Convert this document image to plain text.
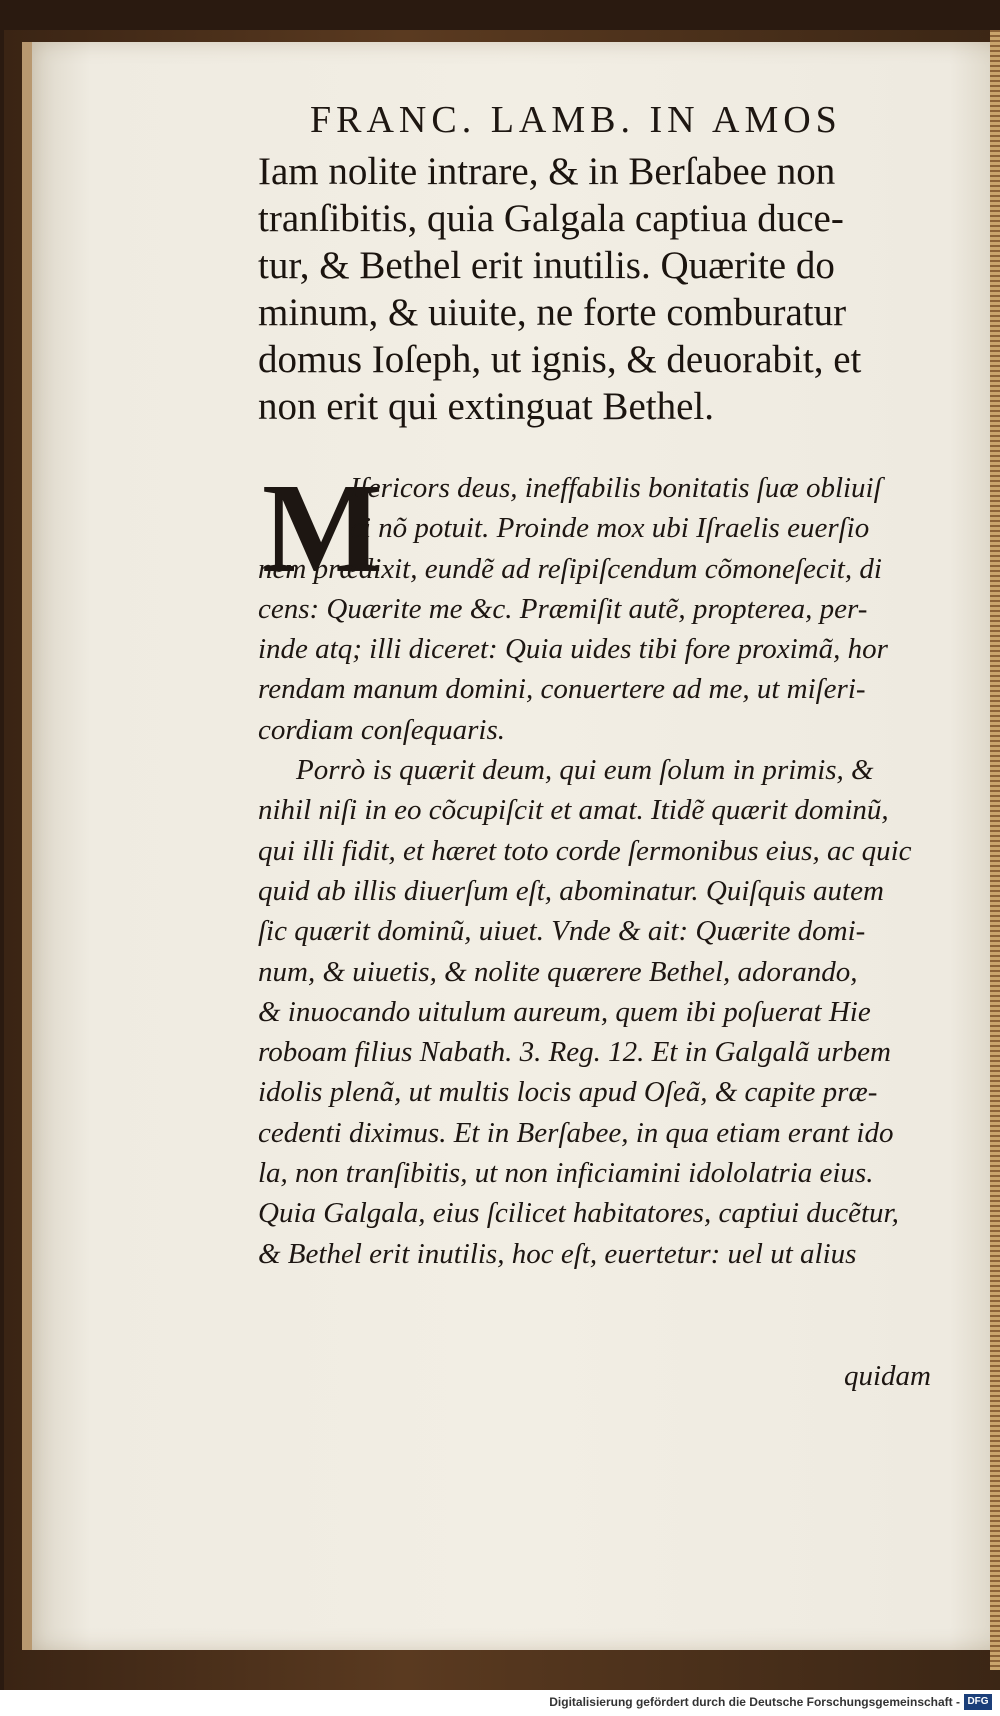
FRANC. LAMB. IN AMOS
Iam nolite intrare, & in Berſabee non
tranſibitis, quia Galgala captiua duce-
tur, & Bethel erit inutilis. Quærite do
minum, & uiuite, ne forte comburatur
domus Ioſeph, ut ignis, & deuorabit, et
non erit qui extinguat Bethel.
M
Iſericors deus, ineffabilis bonitatis ſuæ obliuiſ
ci nõ potuit. Proinde mox ubi Iſraelis euerſio
nem prædixit, eundẽ ad reſipiſcendum cõmoneſecit, di
cens: Quærite me &c. Præmiſit autẽ, propterea, per-
inde atq; illi diceret: Quia uides tibi fore proximã, hor
rendam manum domini, conuertere ad me, ut miſeri-
cordiam conſequaris.
Porrò is quærit deum, qui eum ſolum in primis, &
nihil niſi in eo cõcupiſcit et amat. Itidẽ quærit dominũ,
qui illi fidit, et hæret toto corde ſermonibus eius, ac quic
quid ab illis diuerſum eſt, abominatur. Quiſquis autem
ſic quærit dominũ, uiuet. Vnde & ait: Quærite domi-
num, & uiuetis, & nolite quærere Bethel, adorando,
& inuocando uitulum aureum, quem ibi poſuerat Hie
roboam filius Nabath. 3. Reg. 12. Et in Galgalã urbem
idolis plenã, ut multis locis apud Oſeã, & capite præ-
cedenti diximus. Et in Berſabee, in qua etiam erant ido
la, non tranſibitis, ut non inficiamini idololatria eius.
Quia Galgala, eius ſcilicet habitatores, captiui ducẽtur,
& Bethel erit inutilis, hoc eſt, euertetur: uel ut alius
quidam
Digitalisierung gefördert durch die Deutsche Forschungsgemeinschaft - DFG
